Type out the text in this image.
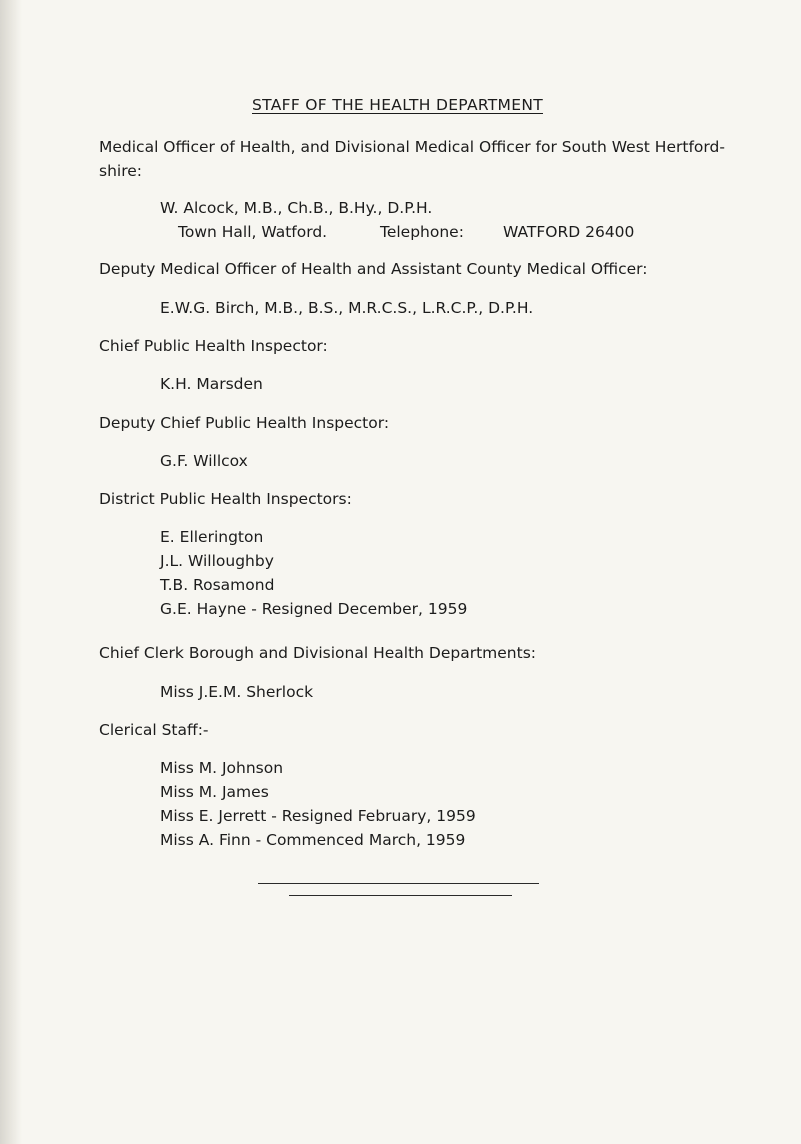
STAFF OF THE HEALTH DEPARTMENT
Medical Officer of Health, and Divisional Medical Officer for South West Hertford-
shire:
W. Alcock, M.B., Ch.B., B.Hy., D.P.H.
Town Hall, Watford.	Telephone:	WATFORD 26400
Deputy Medical Officer of Health and Assistant County Medical Officer:
E.W.G. Birch, M.B., B.S., M.R.C.S., L.R.C.P., D.P.H.
Chief Public Health Inspector:
K.H. Marsden
Deputy Chief Public Health Inspector:
G.F. Willcox
District Public Health Inspectors:
E. Ellerington
J.L. Willoughby
T.B. Rosamond
G.E. Hayne - Resigned December, 1959
Chief Clerk Borough and Divisional Health Departments:
Miss J.E.M. Sherlock
Clerical Staff:-
Miss M. Johnson
Miss M. James
Miss E. Jerrett - Resigned February, 1959
Miss A. Finn - Commenced March, 1959
